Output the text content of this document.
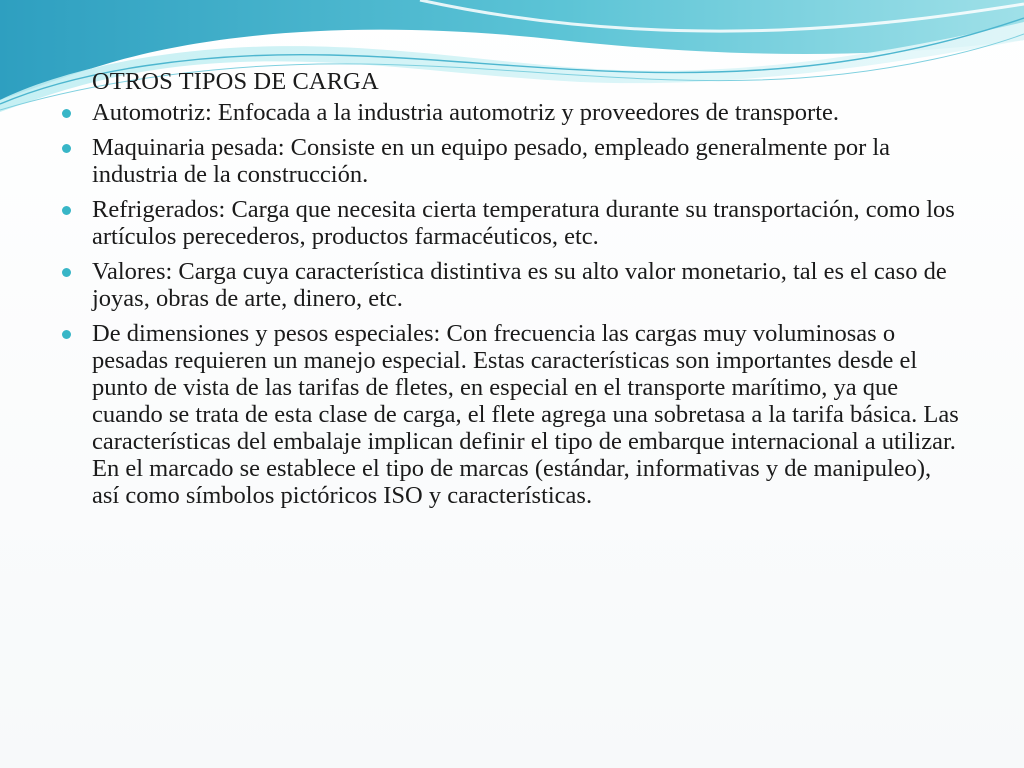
OTROS TIPOS DE CARGA
Automotriz: Enfocada a la industria automotriz y proveedores de transporte.
Maquinaria pesada: Consiste en un equipo pesado, empleado generalmente por la industria de la construcción.
Refrigerados: Carga que necesita cierta temperatura durante su transportación, como los artículos perecederos, productos farmacéuticos, etc.
Valores: Carga cuya característica distintiva es su alto valor monetario, tal es el caso de joyas, obras de arte, dinero, etc.
De dimensiones y pesos especiales: Con frecuencia las cargas muy voluminosas o pesadas requieren un manejo especial. Estas características son importantes desde el punto de vista de las tarifas de fletes, en especial en el transporte marítimo, ya que cuando se trata de esta clase de carga, el flete agrega una sobretasa a la tarifa básica. Las características del embalaje implican definir el tipo de embarque internacional a utilizar. En el marcado se establece el tipo de marcas (estándar, informativas y de manipuleo), así como símbolos pictóricos ISO y características.
